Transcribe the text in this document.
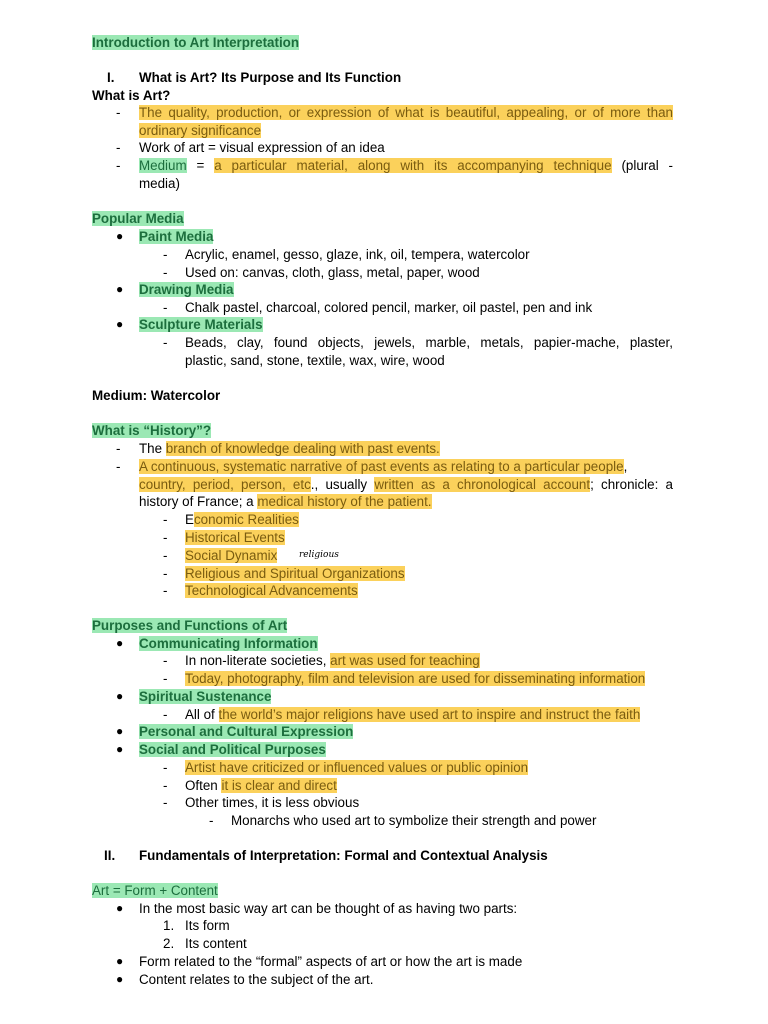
Introduction to Art Interpretation
I. What is Art? Its Purpose and Its Function
What is Art?
- The quality, production, or expression of what is beautiful, appealing, or of more than
ordinary significance
- Work of art = visual expression of an idea
- Medium = a particular material, along with its accompanying technique (plural -
media)
Popular Media
● Paint Media
- Acrylic, enamel, gesso, glaze, ink, oil, tempera, watercolor
- Used on: canvas, cloth, glass, metal, paper, wood
● Drawing Media
- Chalk pastel, charcoal, colored pencil, marker, oil pastel, pen and ink
● Sculpture Materials
- Beads, clay, found objects, jewels, marble, metals, papier-mache, plaster,
plastic, sand, stone, textile, wax, wire, wood
Medium: Watercolor
What is “History”?
- The branch of knowledge dealing with past events.
- A continuous, systematic narrative of past events as relating to a particular people,
country, period, person, etc., usually written as a chronological account; chronicle: a
history of France; a medical history of the patient.
- Economic Realities
- Historical Events
- Social Dynamix religious
- Religious and Spiritual Organizations
- Technological Advancements
Purposes and Functions of Art
● Communicating Information
- In non-literate societies, art was used for teaching
- Today, photography, film and television are used for disseminating information
● Spiritual Sustenance
- All of the world’s major religions have used art to inspire and instruct the faith
● Personal and Cultural Expression
● Social and Political Purposes
- Artist have criticized or influenced values or public opinion
- Often it is clear and direct
- Other times, it is less obvious
- Monarchs who used art to symbolize their strength and power
II. Fundamentals of Interpretation: Formal and Contextual Analysis
Art = Form + Content
● In the most basic way art can be thought of as having two parts:
1. Its form
2. Its content
● Form related to the “formal” aspects of art or how the art is made
● Content relates to the subject of the art.
